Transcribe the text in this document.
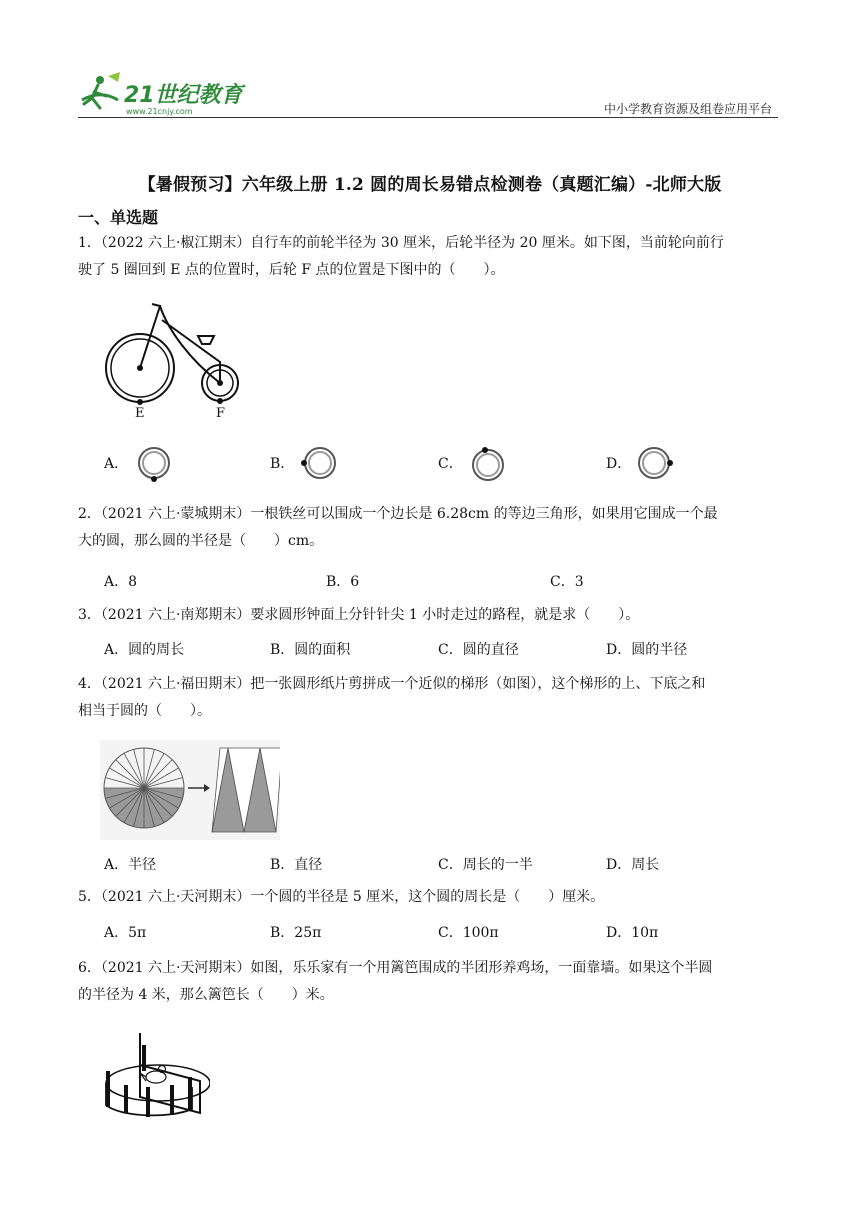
21世纪教育
www.21cnjy.com	中小学教育资源及组卷应用平台
【暑假预习】六年级上册 1.2 圆的周长易错点检测卷（真题汇编）-北师大版
一、单选题
1．（2022 六上·椒江期末）自行车的前轮半径为 30 厘米，后轮半径为 20 厘米。如下图，当前轮向前行
驶了 5 圈回到 E 点的位置时，后轮 F 点的位置是下图中的（　　）。
E	F
A．	B．	C．	D．
2．（2021 六上·蒙城期末）一根铁丝可以围成一个边长是 6.28cm 的等边三角形，如果用它围成一个最
大的圆，那么圆的半径是（　　）cm。
A．8	B．6	C．3
3．（2021 六上·南郑期末）要求圆形钟面上分针针尖 1 小时走过的路程，就是求（　　）。
A．圆的周长	B．圆的面积	C．圆的直径	D．圆的半径
4．（2021 六上·福田期末）把一张圆形纸片剪拼成一个近似的梯形（如图），这个梯形的上、下底之和
相当于圆的（　　）。
A．半径	B．直径	C．周长的一半	D．周长
5．（2021 六上·天河期末）一个圆的半径是 5 厘米，这个圆的周长是（　　）厘米。
A．5π	B．25π	C．100π	D．10π
6．（2021 六上·天河期末）如图，乐乐家有一个用篱笆围成的半团形养鸡场，一面靠墙。如果这个半圆
的半径为 4 米，那么篱笆长（　　）米。
